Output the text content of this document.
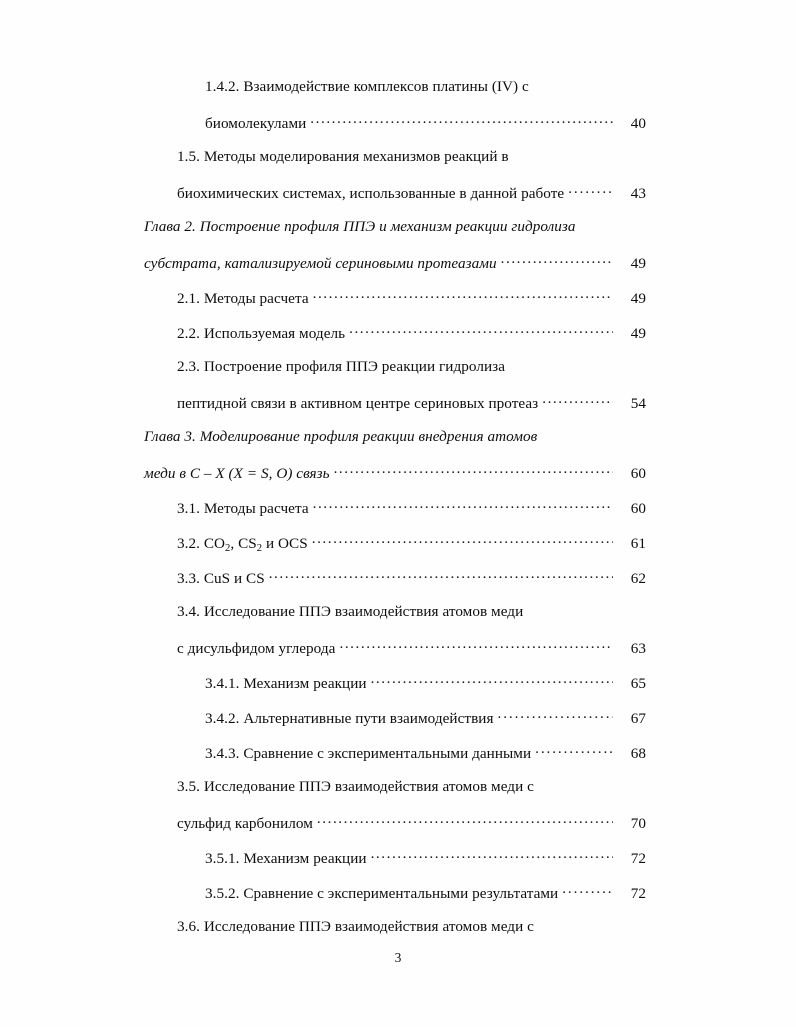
1.4.2. Взаимодействие комплексов платины (IV) с
биомолекулами .....	40
1.5. Методы моделирования механизмов реакций в
биохимических системах, использованные в данной работе .....	43
Глава 2. Построение профиля ППЭ и механизм реакции гидролиза
субстрата, катализируемой сериновыми протеазами .....	49
2.1. Методы расчета .....	49
2.2. Используемая модель .....	49
2.3. Построение профиля ППЭ реакции гидролиза
пептидной связи в активном центре сериновых протеаз .....	54
Глава 3. Моделирование профиля реакции внедрения атомов
меди в C – X (X = S, O) связь .....	60
3.1. Методы расчета .....	60
3.2. $CO_2$, $CS_2$ и OCS .....	61
3.3. CuS и CS .....	62
3.4. Исследование ППЭ взаимодействия атомов меди
с дисульфидом углерода .....	63
3.4.1. Механизм реакции .....	65
3.4.2. Альтернативные пути взаимодействия .....	67
3.4.3. Сравнение с экспериментальными данными .....	68
3.5. Исследование ППЭ взаимодействия атомов меди с
сульфид карбонилом .....	70
3.5.1. Механизм реакции .....	72
3.5.2. Сравнение с экспериментальными результатами .....	72
3.6. Исследование ППЭ взаимодействия атомов меди с
3
